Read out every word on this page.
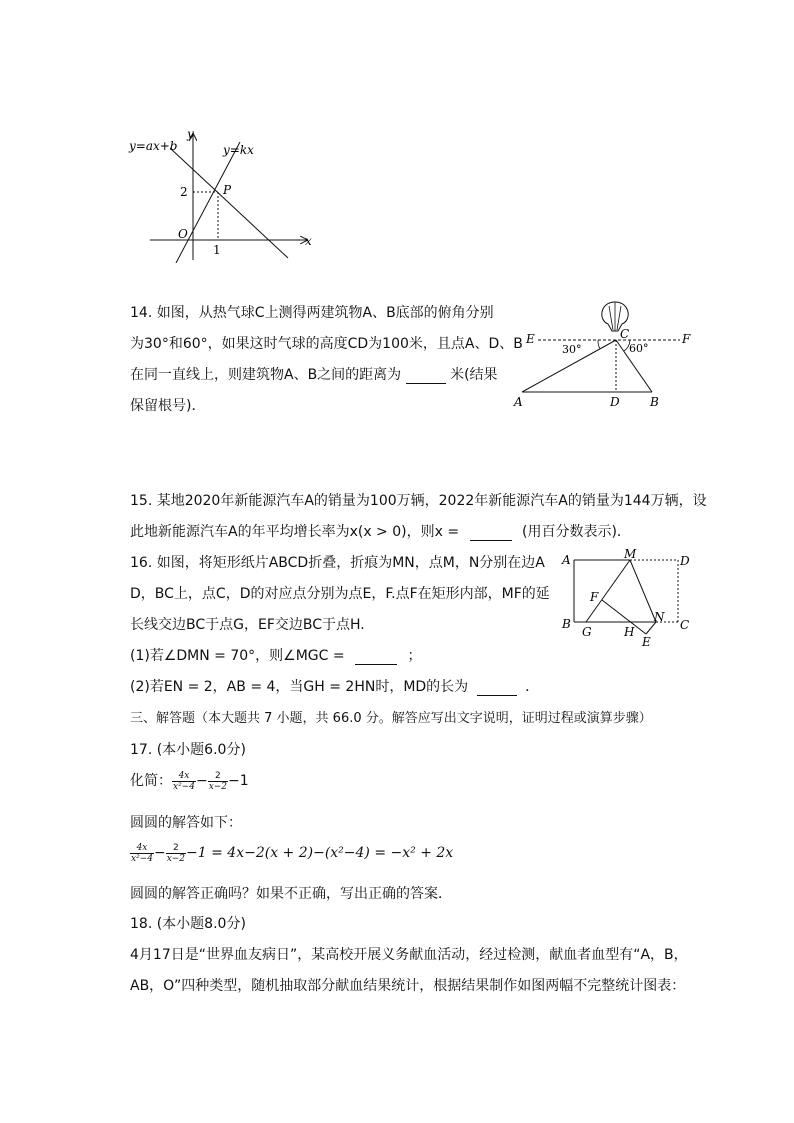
y=ax+b	y=kx
y
x
O
P
2
1
14. 如图，从热气球C上测得两建筑物A、B底部的俯角分别
为30°和60°，如果这时气球的高度CD为100米，且点A、D、B
在同一直线上，则建筑物A、B之间的距离为	米(结果
保留根号)．
E	F
C
A	D	B
30°	60°
15. 某地2020年新能源汽车A的销量为100万辆，2022年新能源汽车A的销量为144万辆，设
此地新能源汽车A的年平均增长率为x(x > 0)，则x =	(用百分数表示)．
16. 如图，将矩形纸片ABCD折叠，折痕为MN，点M，N分别在边A
D，BC上，点C，D的对应点分别为点E，F.点F在矩形内部，MF的延
长线交边BC于点G，EF交边BC于点H.
(1)若∠DMN = 70°，则∠MGC =	；
(2)若EN = 2，AB = 4，当GH = 2HN时，MD的长为	．
A	M	D
F
B
G	H
N
C
E
三、解答题（本大题共 7 小题，共 66.0 分。解答应写出文字说明，证明过程或演算步骤）
17. (本小题6.0分)
化简： $\frac{4x}{\text{x²−4}} - \frac{2}{x-2} -1$
圆圆的解答如下：
$\frac{4x}{\text{x²−4}} - \frac{2}{x-2} -1 = 4x-2(x + 2)-(x^2-4) = -x^2 + 2x$
圆圆的解答正确吗？如果不正确，写出正确的答案．
18. (本小题8.0分)
4月17日是“世界血友病日”，某高校开展义务献血活动，经过检测，献血者血型有“A，B，
AB，O”四种类型，随机抽取部分献血结果统计，根据结果制作如图两幅不完整统计图表：
